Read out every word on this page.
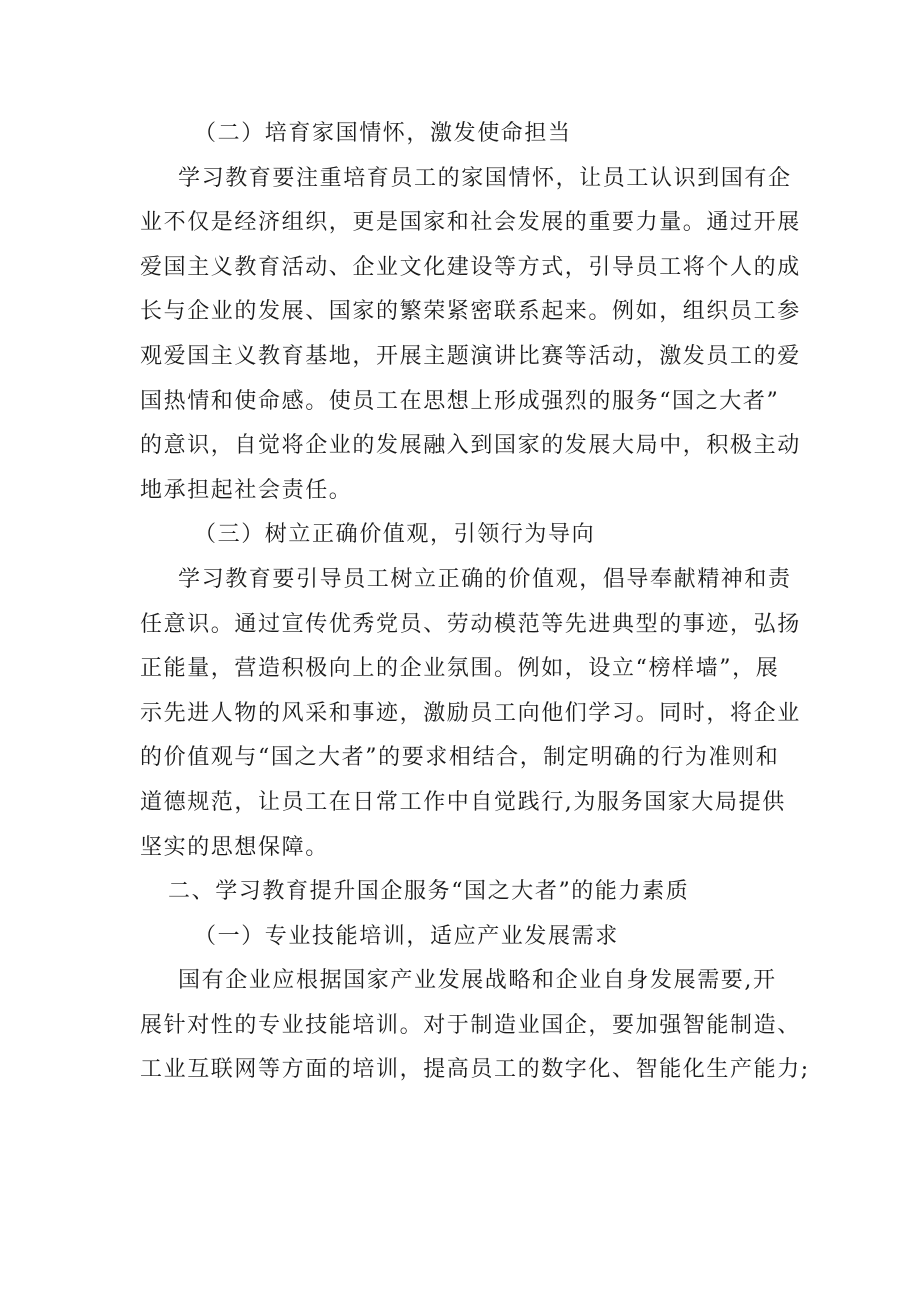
（二）培育家国情怀，激发使命担当
学习教育要注重培育员工的家国情怀，让员工认识到国有企
业不仅是经济组织，更是国家和社会发展的重要力量。通过开展
爱国主义教育活动、企业文化建设等方式，引导员工将个人的成
长与企业的发展、国家的繁荣紧密联系起来。例如，组织员工参
观爱国主义教育基地，开展主题演讲比赛等活动，激发员工的爱
国热情和使命感。使员工在思想上形成强烈的服务“国之大者”
的意识，自觉将企业的发展融入到国家的发展大局中，积极主动
地承担起社会责任。
（三）树立正确价值观，引领行为导向
学习教育要引导员工树立正确的价值观，倡导奉献精神和责
任意识。通过宣传优秀党员、劳动模范等先进典型的事迹，弘扬
正能量，营造积极向上的企业氛围。例如，设立“榜样墙”，展
示先进人物的风采和事迹，激励员工向他们学习。同时，将企业
的价值观与“国之大者”的要求相结合，制定明确的行为准则和
道德规范，让员工在日常工作中自觉践行,为服务国家大局提供
坚实的思想保障。
二、学习教育提升国企服务“国之大者”的能力素质
（一）专业技能培训，适应产业发展需求
国有企业应根据国家产业发展战略和企业自身发展需要,开
展针对性的专业技能培训。对于制造业国企，要加强智能制造、
工业互联网等方面的培训，提高员工的数字化、智能化生产能力;
